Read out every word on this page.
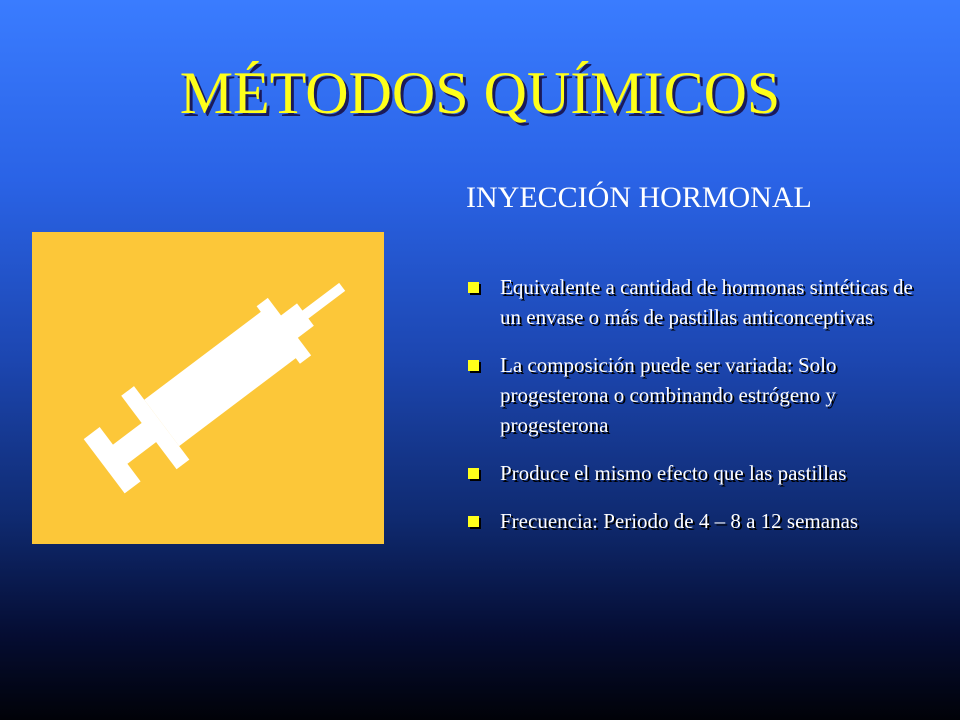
MÉTODOS QUÍMICOS
INYECCIÓN HORMONAL
Equivalente a cantidad de hormonas sintéticas de un envase o más de pastillas anticonceptivas
La composición puede ser variada: Solo progesterona o combinando estrógeno y progesterona
Produce el mismo efecto que las pastillas
Frecuencia: Periodo de 4 – 8 a 12 semanas
